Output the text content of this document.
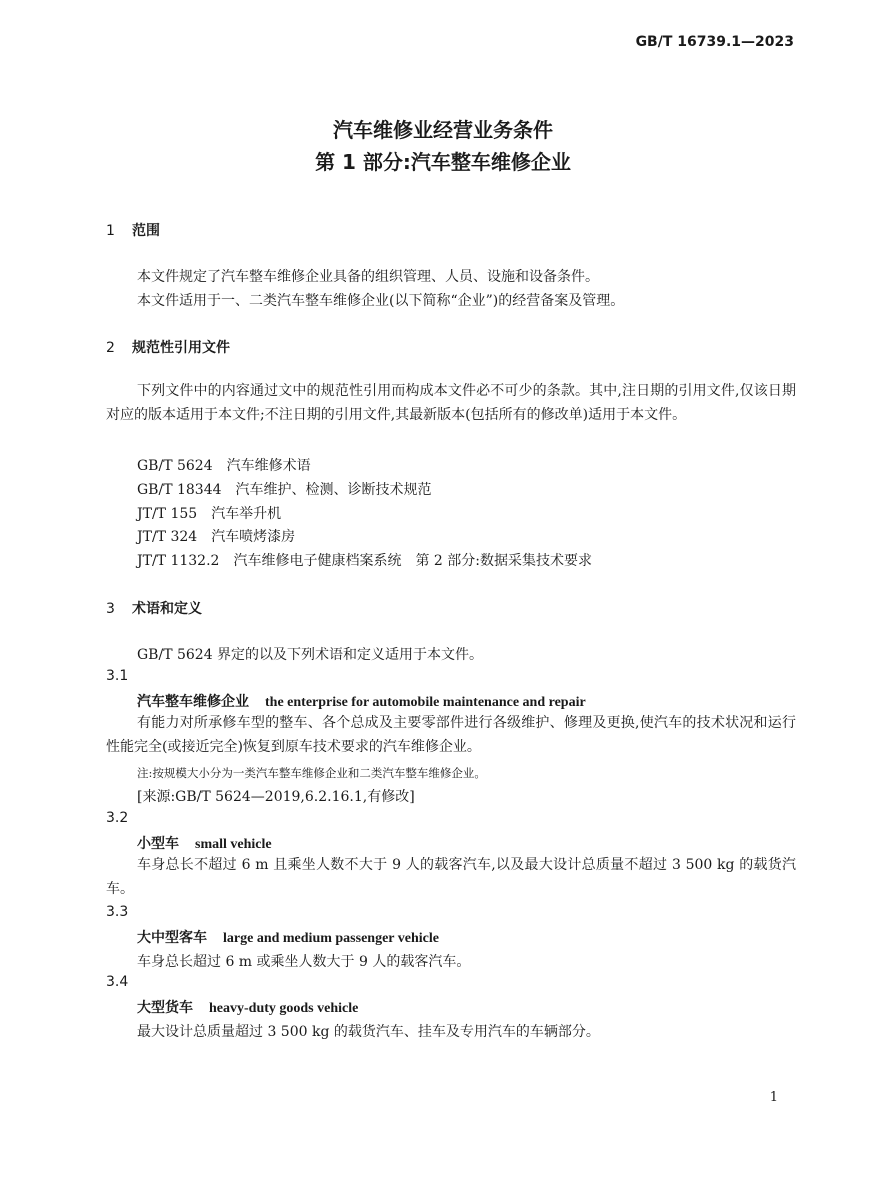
GB/T 16739.1—2023
汽车维修业经营业务条件
第 1 部分:汽车整车维修企业
1 范围
本文件规定了汽车整车维修企业具备的组织管理、人员、设施和设备条件。
本文件适用于一、二类汽车整车维修企业(以下简称“企业”)的经营备案及管理。
2 规范性引用文件
下列文件中的内容通过文中的规范性引用而构成本文件必不可少的条款。其中,注日期的引用文件,仅该日期对应的版本适用于本文件;不注日期的引用文件,其最新版本(包括所有的修改单)适用于本文件。
GB/T 5624 汽车维修术语
GB/T 18344 汽车维护、检测、诊断技术规范
JT/T 155 汽车举升机
JT/T 324 汽车喷烤漆房
JT/T 1132.2 汽车维修电子健康档案系统　第 2 部分:数据采集技术要求
3 术语和定义
GB/T 5624 界定的以及下列术语和定义适用于本文件。
3.1
汽车整车维修企业 the enterprise for automobile maintenance and repair
有能力对所承修车型的整车、各个总成及主要零部件进行各级维护、修理及更换,使汽车的技术状况和运行性能完全(或接近完全)恢复到原车技术要求的汽车维修企业。
注:按规模大小分为一类汽车整车维修企业和二类汽车整车维修企业。
[来源:GB/T 5624—2019,6.2.16.1,有修改]
3.2
小型车 small vehicle
车身总长不超过 6 m 且乘坐人数不大于 9 人的载客汽车,以及最大设计总质量不超过 3 500 kg 的载货汽车。
3.3
大中型客车 large and medium passenger vehicle
车身总长超过 6 m 或乘坐人数大于 9 人的载客汽车。
3.4
大型货车 heavy-duty goods vehicle
最大设计总质量超过 3 500 kg 的载货汽车、挂车及专用汽车的车辆部分。
1
